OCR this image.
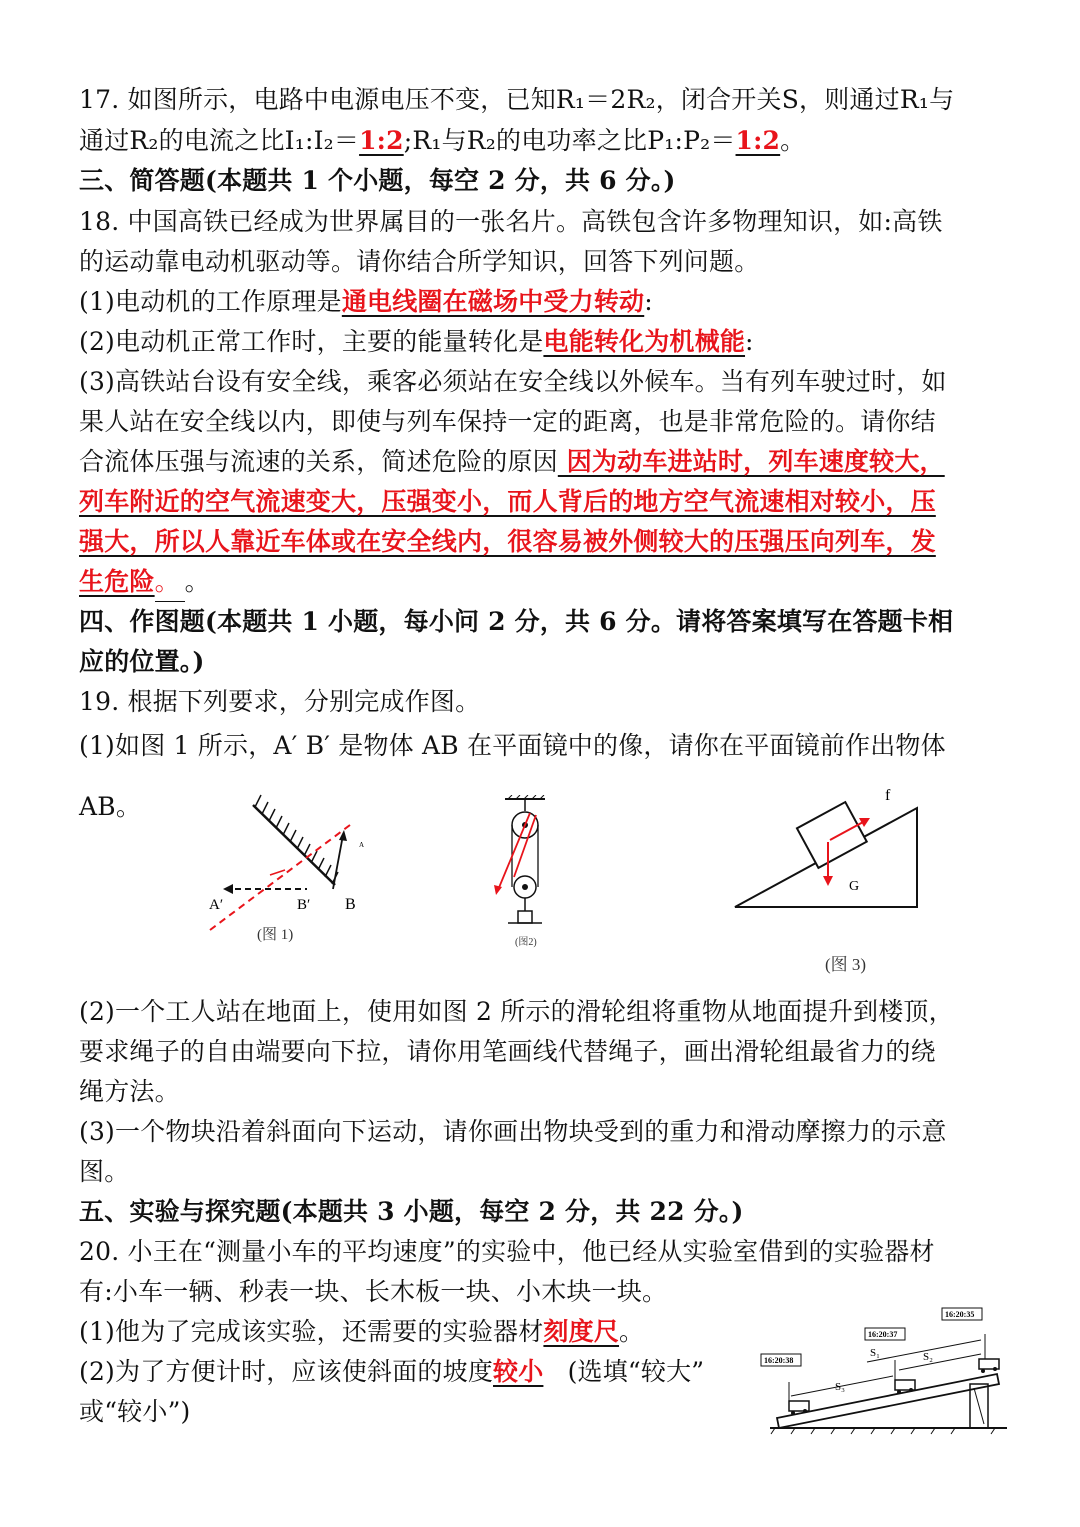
17. 如图所示，电路中电源电压不变，已知R₁＝2R₂，闭合开关S，则通过R₁与
通过R₂的电流之比I₁:I₂＝1:2;R₁与R₂的电功率之比P₁:P₂＝1:2。
三、简答题(本题共 1 个小题，每空 2 分，共 6 分。)
18. 中国高铁已经成为世界属目的一张名片。高铁包含许多物理知识，如:高铁
的运动靠电动机驱动等。请你结合所学知识，回答下列问题。
(1)电动机的工作原理是通电线圈在磁场中受力转动:
(2)电动机正常工作时，主要的能量转化是电能转化为机械能:
(3)高铁站台设有安全线，乘客必须站在安全线以外候车。当有列车驶过时，如
果人站在安全线以内，即使与列车保持一定的距离，也是非常危险的。请你结
合流体压强与流速的关系，简述危险的原因 因为动车进站时，列车速度较大，
列车附近的空气流速变大，压强变小，而人背后的地方空气流速相对较小，压
强大，所以人靠近车体或在安全线内，很容易被外侧较大的压强压向列车，发
生危险。 。
四、作图题(本题共 1 小题，每小问 2 分，共 6 分。请将答案填写在答题卡相
应的位置。)
19. 根据下列要求，分别完成作图。
(1)如图 1 所示，A′ B′ 是物体 AB 在平面镜中的像，请你在平面镜前作出物体
AB。
A′	B′ B
A
(图 1)	(图2)
f
G
(图 3)
(2)一个工人站在地面上，使用如图 2 所示的滑轮组将重物从地面提升到楼顶，
要求绳子的自由端要向下拉，请你用笔画线代替绳子，画出滑轮组最省力的绕
绳方法。
(3)一个物块沿着斜面向下运动，请你画出物块受到的重力和滑动摩擦力的示意
图。
五、实验与探究题(本题共 3 小题，每空 2 分，共 22 分。)
20. 小王在“测量小车的平均速度”的实验中，他已经从实验室借到的实验器材
有:小车一辆、秒表一块、长木板一块、小木块一块。
(1)他为了完成该实验，还需要的实验器材刻度尺。
(2)为了方便计时，应该使斜面的坡度较小 (选填“较大”
或“较小”)
16:20:38
16:20:37
16:20:35
S₁	S₂
S₃
